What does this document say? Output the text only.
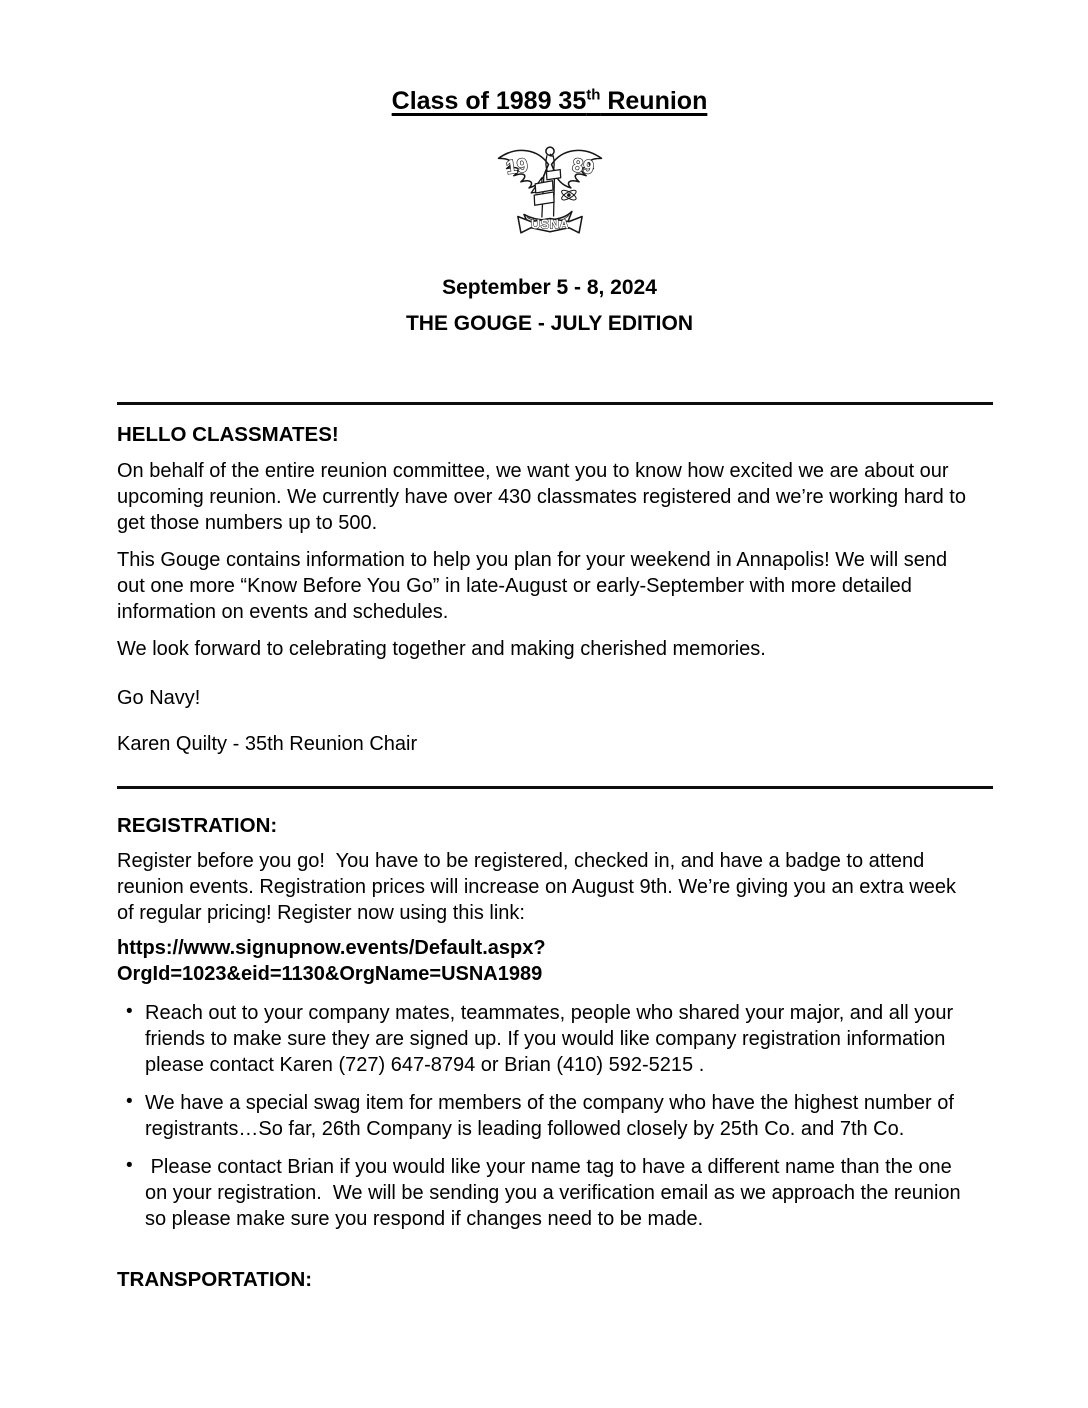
Class of 1989 35th Reunion
19 89
USNA

September 5 - 8, 2024

THE GOUGE - JULY EDITION

HELLO CLASSMATES!

On behalf of the entire reunion committee, we want you to know how excited we are about our upcoming reunion. We currently have over 430 classmates registered and we’re working hard to get those numbers up to 500.

This Gouge contains information to help you plan for your weekend in Annapolis! We will send out one more “Know Before You Go” in late-August or early-September with more detailed information on events and schedules.

We look forward to celebrating together and making cherished memories.

Go Navy!

Karen Quilty - 35th Reunion Chair

REGISTRATION:

Register before you go!  You have to be registered, checked in, and have a badge to attend reunion events. Registration prices will increase on August 9th. We’re giving you an extra week of regular pricing! Register now using this link:

https://www.signupnow.events/Default.aspx?
OrgId=1023&eid=1130&OrgName=USNA1989
• Reach out to your company mates, teammates, people who shared your major, and all your friends to make sure they are signed up. If you would like company registration information please contact Karen (727) 647-8794 or Brian (410) 592-5215 .
• We have a special swag item for members of the company who have the highest number of registrants…So far, 26th Company is leading followed closely by 25th Co. and 7th Co.
•  Please contact Brian if you would like your name tag to have a different name than the one on your registration.  We will be sending you a verification email as we approach the reunion so please make sure you respond if changes need to be made.
TRANSPORTATION:
